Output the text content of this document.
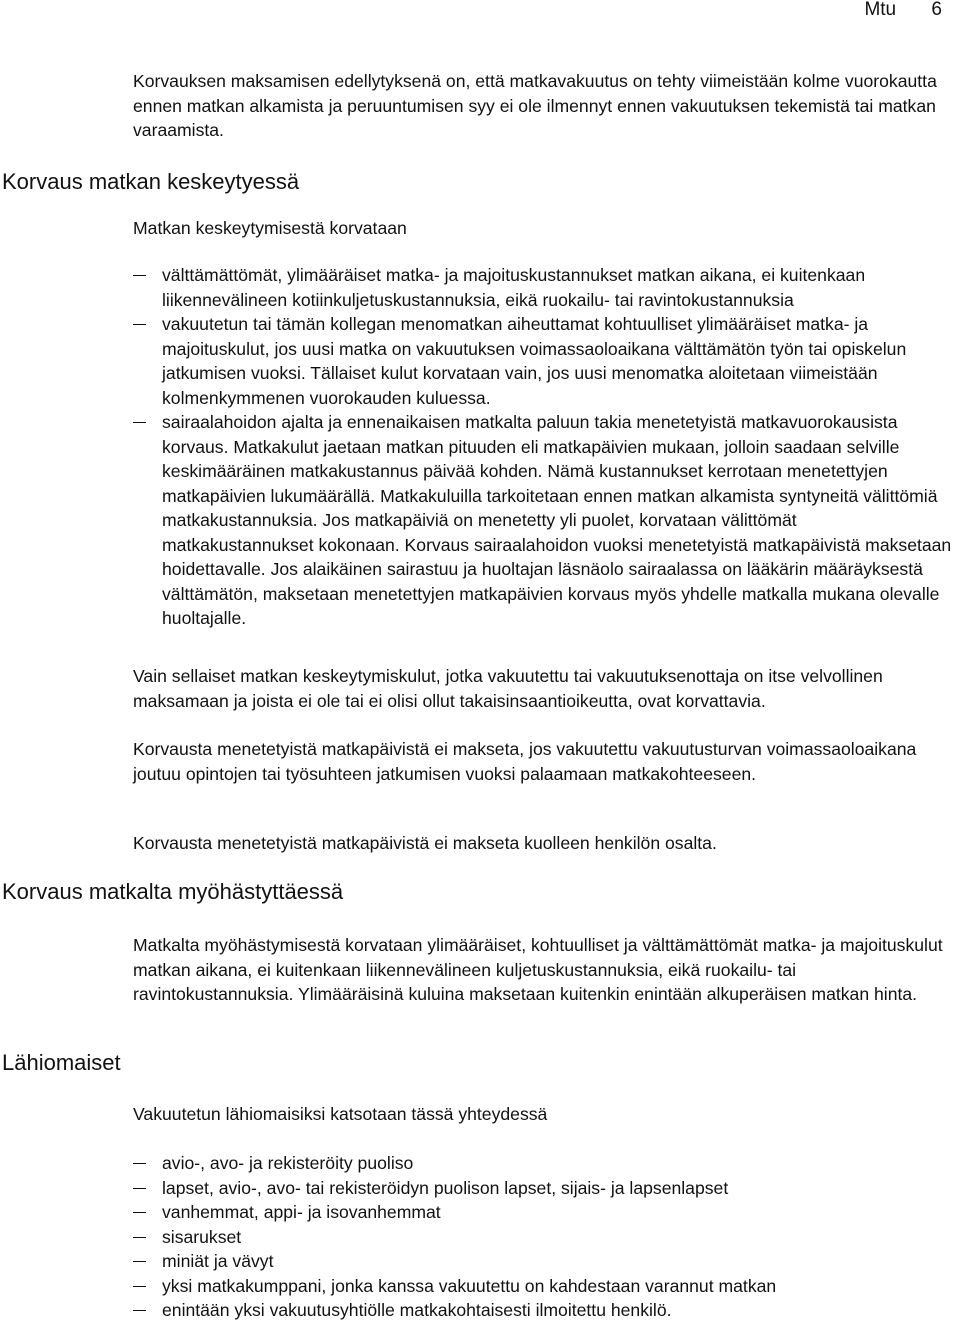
Mtu 6

Korvauksen maksamisen edellytyksenä on, että matkavakuutus on tehty viimeistään kolme vuorokautta ennen matkan alkamista ja peruuntumisen syy ei ole ilmennyt ennen vakuutuksen tekemistä tai matkan varaamista.

Korvaus matkan keskeytyessä

Matkan keskeytymisestä korvataan

välttämättömät, ylimääräiset matka- ja majoituskustannukset matkan aikana, ei kuitenkaan liikennevälineen kotiinkuljetuskustannuksia, eikä ruokailu- tai ravintokustannuksia
vakuutetun tai tämän kollegan menomatkan aiheuttamat kohtuulliset ylimääräiset matka- ja majoituskulut, jos uusi matka on vakuutuksen voimassaoloaikana välttämätön työn tai opiskelun jatkumisen vuoksi. Tällaiset kulut korvataan vain, jos uusi menomatka aloitetaan viimeistään kolmenkymmenen vuorokauden kuluessa.
sairaalahoidon ajalta ja ennenaikaisen matkalta paluun takia menetetyistä matkavuorokausista korvaus. Matkakulut jaetaan matkan pituuden eli matkapäivien mukaan, jolloin saadaan selville keskimääräinen matkakustannus päivää kohden. Nämä kustannukset kerrotaan menetettyjen matkapäivien lukumäärällä. Matkakuluilla tarkoitetaan ennen matkan alkamista syntyneitä välittömiä matkakustannuksia. Jos matkapäiviä on menetetty yli puolet, korvataan välittömät matkakustannukset kokonaan. Korvaus sairaalahoidon vuoksi menetetyistä matkapäivistä maksetaan hoidettavalle. Jos alaikäinen sairastuu ja huoltajan läsnäolo sairaalassa on lääkärin määräyksestä välttämätön, maksetaan menetettyjen matkapäivien korvaus myös yhdelle matkalla mukana olevalle huoltajalle.

Vain sellaiset matkan keskeytymiskulut, jotka vakuutettu tai vakuutuksenottaja on itse velvollinen maksamaan ja joista ei ole tai ei olisi ollut takaisinsaantioikeutta, ovat korvattavia.

Korvausta menetetyistä matkapäivistä ei makseta, jos vakuutettu vakuutusturvan voimassaoloaikana joutuu opintojen tai työsuhteen jatkumisen vuoksi palaamaan matkakohteeseen.

Korvausta menetetyistä matkapäivistä ei makseta kuolleen henkilön osalta.

Korvaus matkalta myöhästyttäessä

Matkalta myöhästymisestä korvataan ylimääräiset, kohtuulliset ja välttämättömät matka- ja majoituskulut matkan aikana, ei kuitenkaan liikennevälineen kuljetuskustannuksia, eikä ruokailu- tai ravintokustannuksia. Ylimääräisinä kuluina maksetaan kuitenkin enintään alkuperäisen matkan hinta.

Lähiomaiset

Vakuutetun lähiomaisiksi katsotaan tässä yhteydessä

avio-, avo- ja rekisteröity puoliso
lapset, avio-, avo- tai rekisteröidyn puolison lapset, sijais- ja lapsenlapset
vanhemmat, appi- ja isovanhemmat
sisarukset
miniät ja vävyt
yksi matkakumppani, jonka kanssa vakuutettu on kahdestaan varannut matkan
enintään yksi vakuutusyhtiölle matkakohtaisesti ilmoitettu henkilö.
